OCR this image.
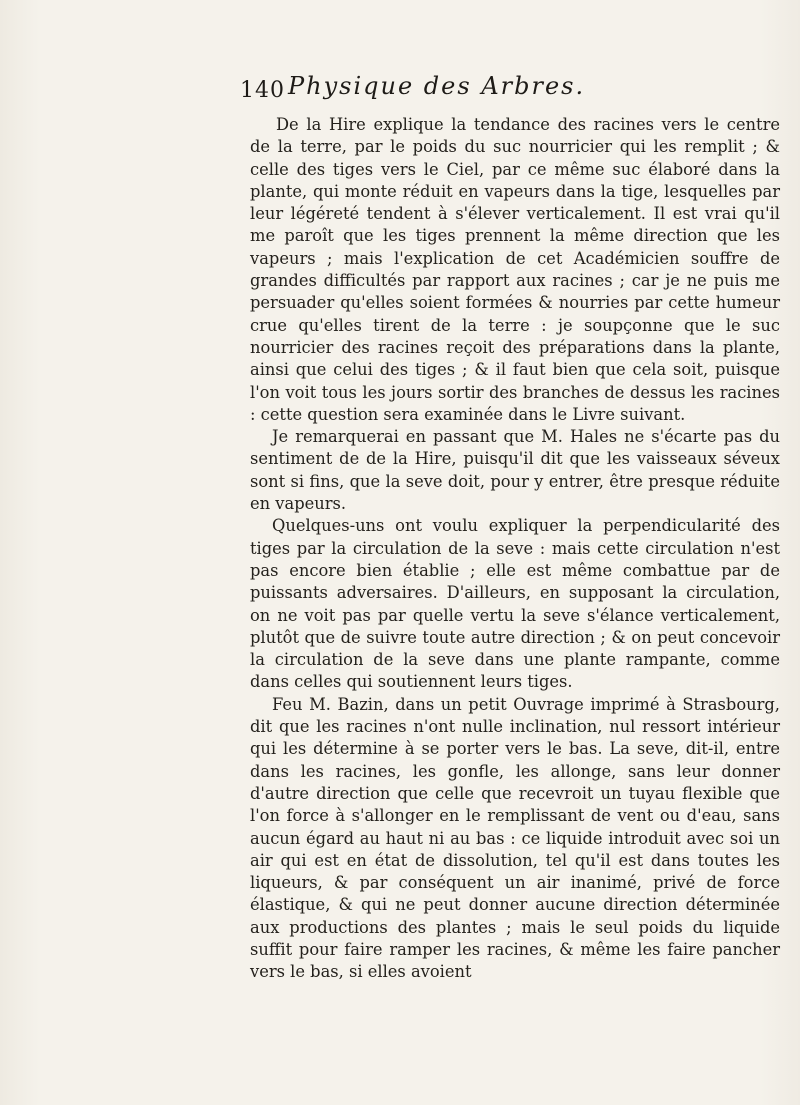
140 Physique des Arbres.

De la Hire explique la tendance des racines vers le centre de la terre, par le poids du suc nourricier qui les remplit ; & celle des tiges vers le Ciel, par ce même suc élaboré dans la plante, qui monte réduit en vapeurs dans la tige, lesquelles par leur légéreté tendent à s'élever verticalement. Il est vrai qu'il me paroît que les tiges prennent la même direction que les vapeurs ; mais l'explication de cet Académicien souffre de grandes difficultés par rapport aux racines ; car je ne puis me persuader qu'elles soient formées & nourries par cette humeur crue qu'elles tirent de la terre : je soupçonne que le suc nourricier des racines reçoit des préparations dans la plante, ainsi que celui des tiges ; & il faut bien que cela soit, puisque l'on voit tous les jours sortir des branches de dessus les racines : cette question sera examinée dans le Livre suivant.

Je remarquerai en passant que M. Hales ne s'écarte pas du sentiment de de la Hire, puisqu'il dit que les vaisseaux séveux sont si fins, que la seve doit, pour y entrer, être presque réduite en vapeurs.

Quelques-uns ont voulu expliquer la perpendicularité des tiges par la circulation de la seve : mais cette circulation n'est pas encore bien établie ; elle est même combattue par de puissants adversaires. D'ailleurs, en supposant la circulation, on ne voit pas par quelle vertu la seve s'élance verticalement, plutôt que de suivre toute autre direction ; & on peut concevoir la circulation de la seve dans une plante rampante, comme dans celles qui soutiennent leurs tiges.

Feu M. Bazin, dans un petit Ouvrage imprimé à Strasbourg, dit que les racines n'ont nulle inclination, nul ressort intérieur qui les détermine à se porter vers le bas. La seve, dit-il, entre dans les racines, les gonfle, les allonge, sans leur donner d'autre direction que celle que recevroit un tuyau flexible que l'on force à s'allonger en le remplissant de vent ou d'eau, sans aucun égard au haut ni au bas : ce liquide introduit avec soi un air qui est en état de dissolution, tel qu'il est dans toutes les liqueurs, & par conséquent un air inanimé, privé de force élastique, & qui ne peut donner aucune direction déterminée aux productions des plantes ; mais le seul poids du liquide suffit pour faire ramper les racines, & même les faire pancher vers le bas, si elles avoient
